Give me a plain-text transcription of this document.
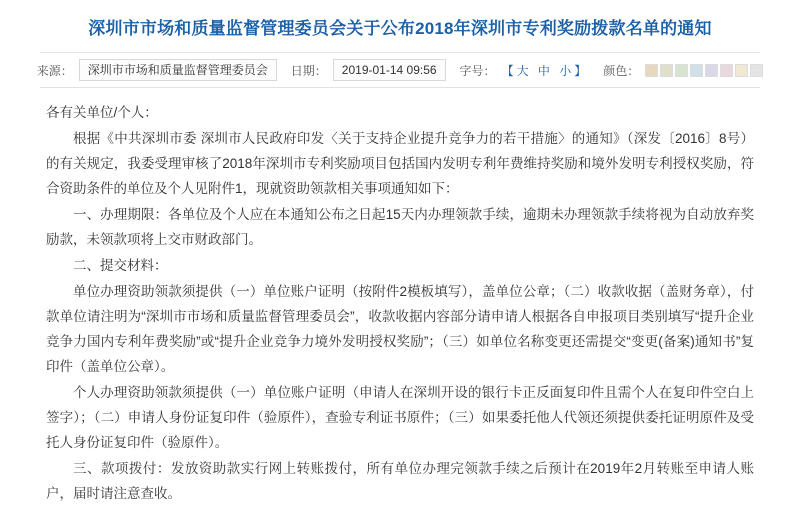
深圳市市场和质量监督管理委员会关于公布2018年深圳市专利奖励拨款名单的通知
来源：	深圳市市场和质量监督管理委员会	日期：	2019-01-14 09:56	字号： 【大 中 小】 颜色：

各有关单位/个人：

根据《中共深圳市委 深圳市人民政府印发〈关于支持企业提升竞争力的若干措施〉的通知》（深发〔2016〕8号）的有关规定，我委受理审核了2018年深圳市专利奖励项目包括国内发明专利年费维持奖励和境外发明专利授权奖励，符合资助条件的单位及个人见附件1，现就资助领款相关事项通知如下：

一、办理期限：各单位及个人应在本通知公布之日起15天内办理领款手续，逾期未办理领款手续将视为自动放弃奖励款，未领款项将上交市财政部门。

二、提交材料：

单位办理资助领款须提供（一）单位账户证明（按附件2模板填写），盖单位公章；（二）收款收据（盖财务章），付款单位请注明为“深圳市市场和质量监督管理委员会”，收款收据内容部分请申请人根据各自申报项目类别填写“提升企业竞争力国内专利年费奖励”或“提升企业竞争力境外发明授权奖励”；（三）如单位名称变更还需提交“变更(备案)通知书”复印件（盖单位公章）。

个人办理资助领款须提供（一）单位账户证明（申请人在深圳开设的银行卡正反面复印件且需个人在复印件空白上签字）；（二）申请人身份证复印件（验原件），查验专利证书原件；（三）如果委托他人代领还须提供委托证明原件及受托人身份证复印件（验原件）。

三、款项拨付：发放资助款实行网上转账拨付，所有单位办理完领款手续之后预计在2019年2月转账至申请人账户，届时请注意查收。
